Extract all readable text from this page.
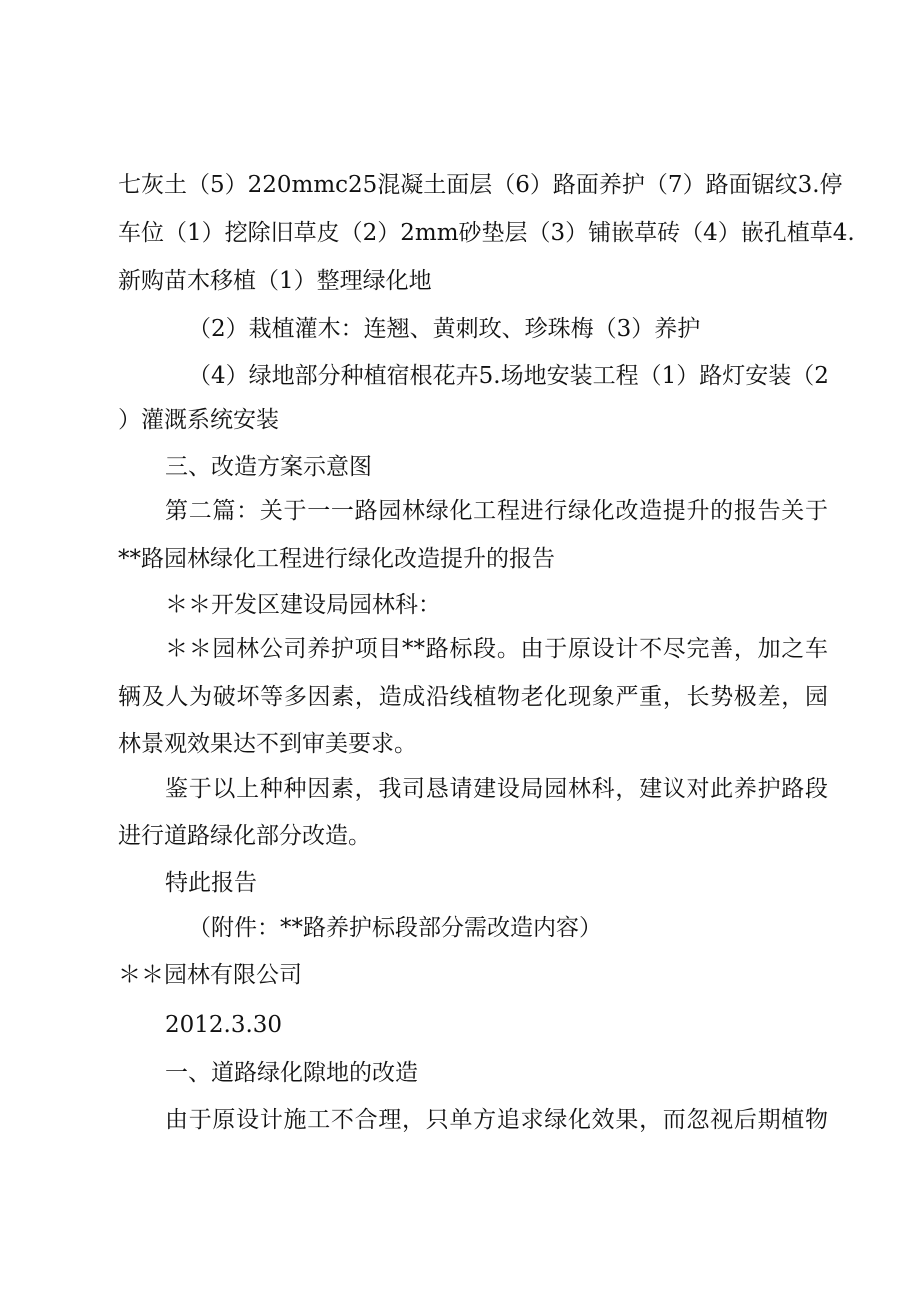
七灰土（5）220mmc25混凝土面层（6）路面养护（7）路面锯纹3.停
车位（1）挖除旧草皮（2）2mm砂垫层（3）铺嵌草砖（4）嵌孔植草4.
新购苗木移植（1）整理绿化地
（2）栽植灌木：连翘、黄刺玫、珍珠梅（3）养护
（4）绿地部分种植宿根花卉5.场地安装工程（1）路灯安装（2
）灌溉系统安装
三、改造方案示意图
第二篇：关于一一路园林绿化工程进行绿化改造提升的报告关于
**路园林绿化工程进行绿化改造提升的报告
＊＊开发区建设局园林科：
＊＊园林公司养护项目**路标段。由于原设计不尽完善，加之车
辆及人为破坏等多因素，造成沿线植物老化现象严重，长势极差，园
林景观效果达不到审美要求。
鉴于以上种种因素，我司恳请建设局园林科，建议对此养护路段
进行道路绿化部分改造。
特此报告
（附件：**路养护标段部分需改造内容）
＊＊园林有限公司
2012.3.30
一、道路绿化隙地的改造
由于原设计施工不合理，只单方追求绿化效果，而忽视后期植物
